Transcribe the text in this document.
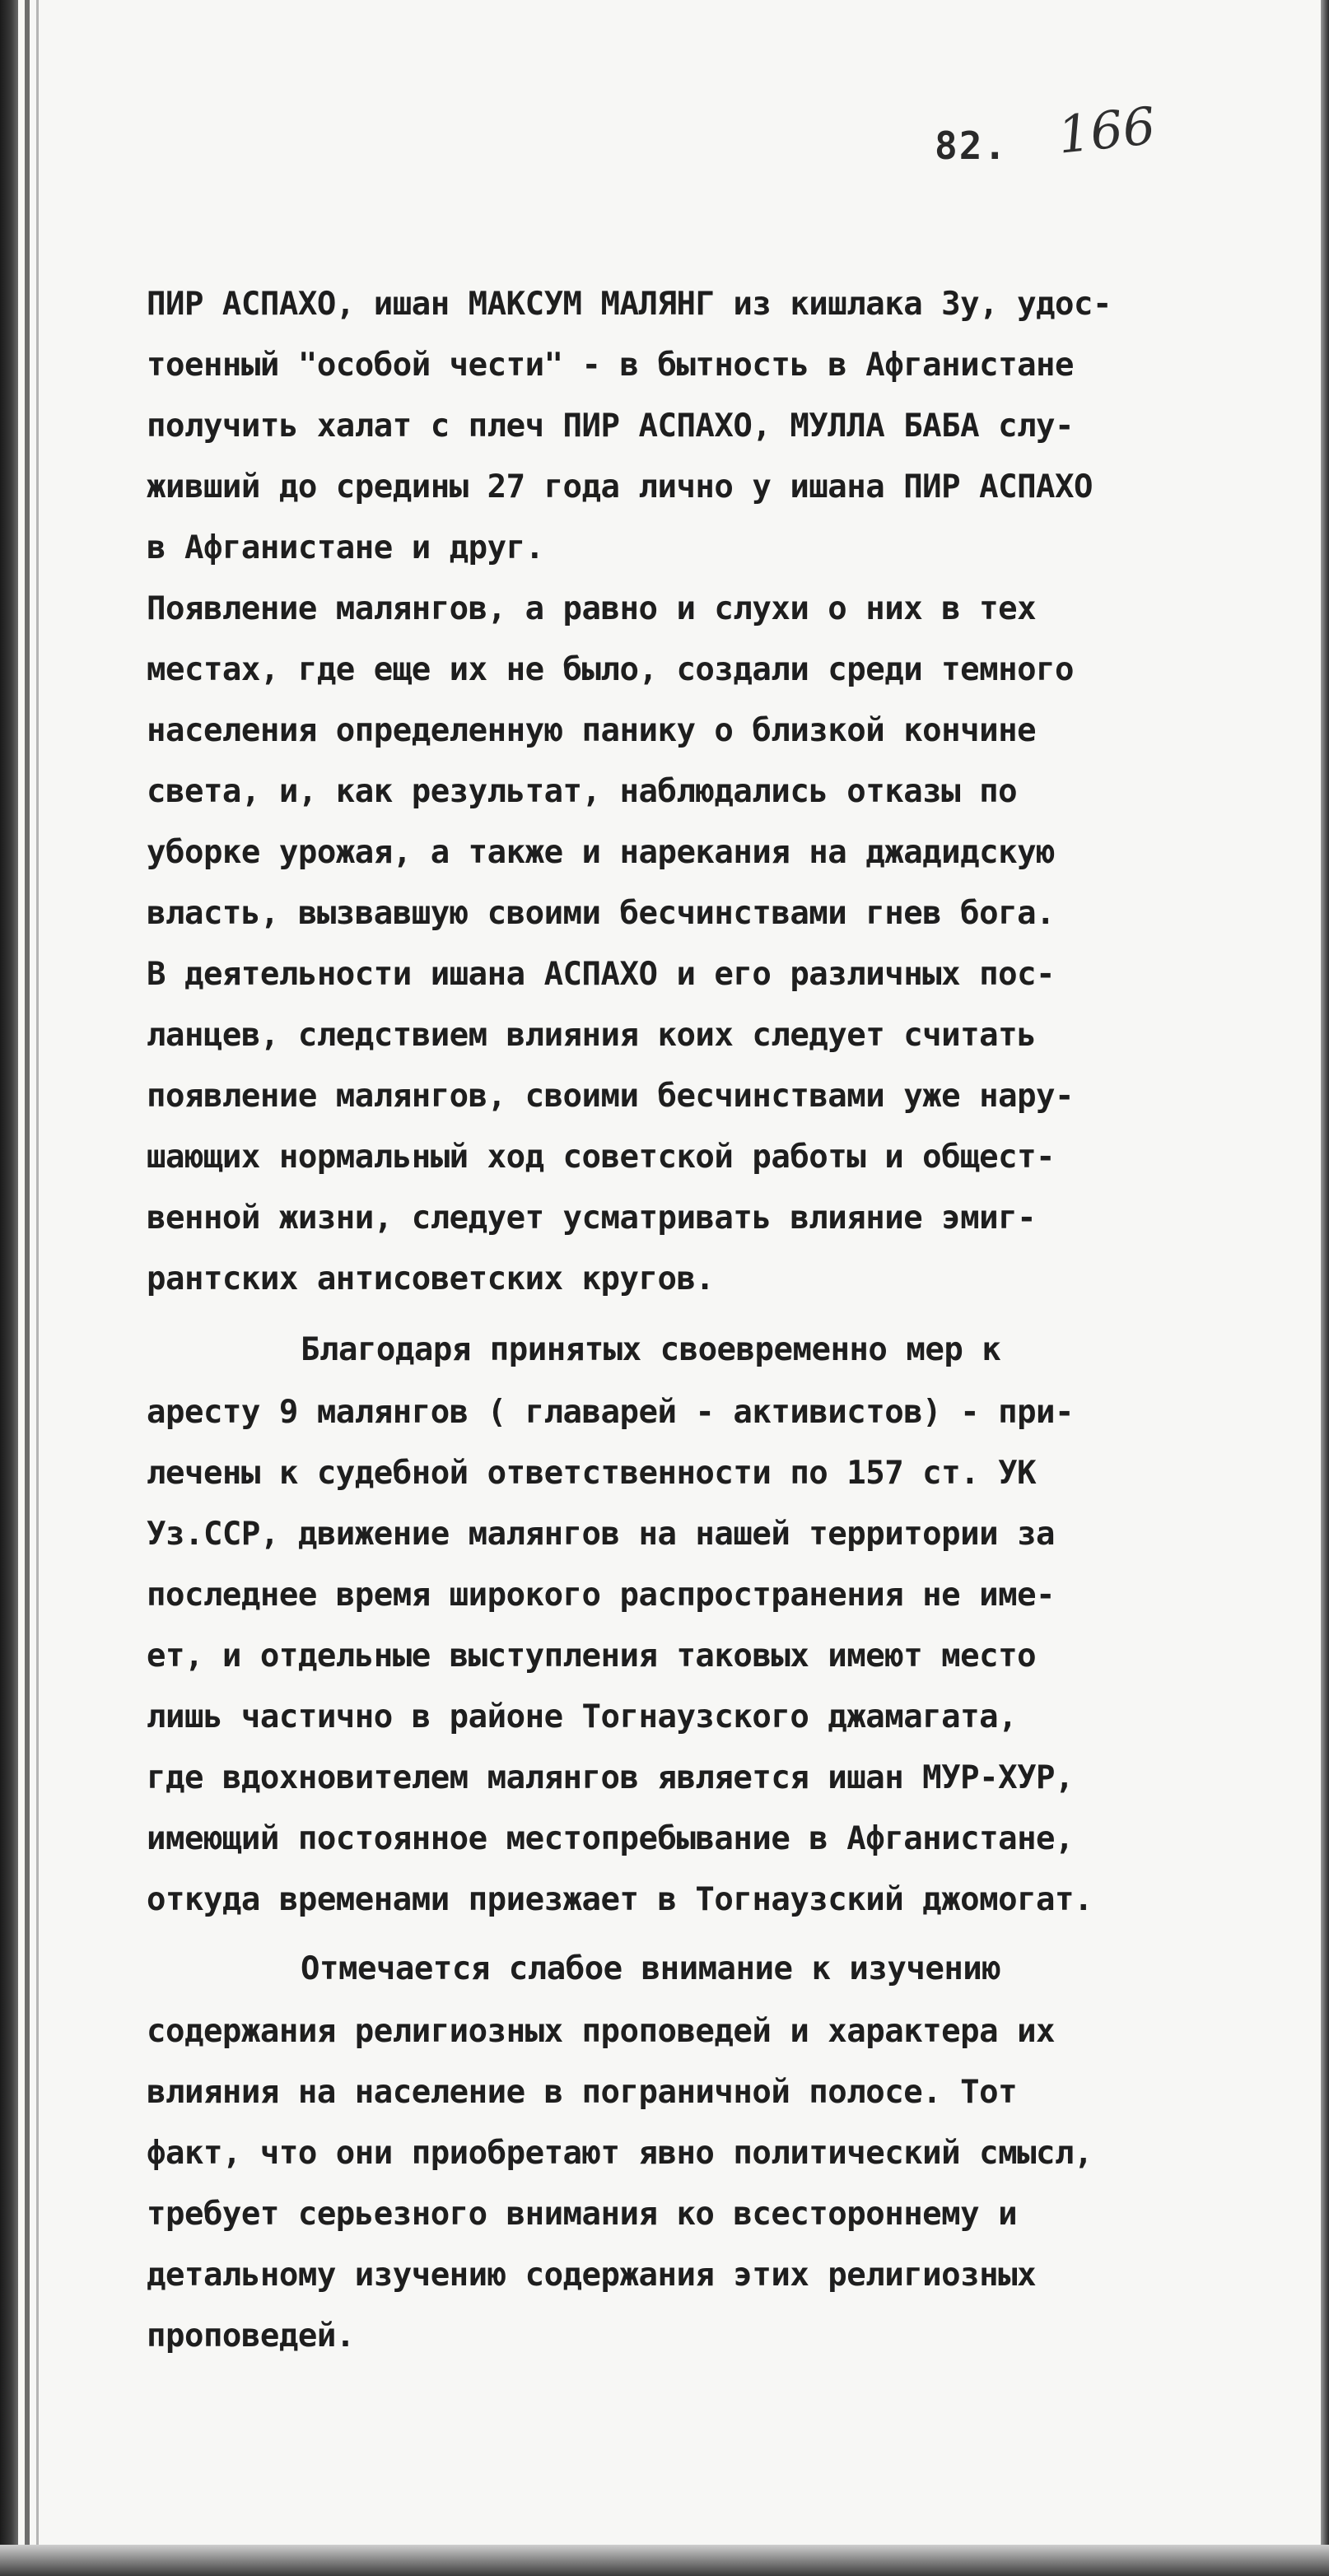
82. 166
ПИР АСПАХО, ишан МАКСУМ МАЛЯНГ из кишлака Зу, удос-
тоенный "особой чести" - в бытность в Афганистане
получить халат с плеч ПИР АСПАХО, МУЛЛА БАБА слу-
живший до средины 27 года лично у ишана ПИР АСПАХО
в Афганистане и друг.
Появление малянгов, а равно и слухи о них в тех
местах, где еще их не было, создали среди темного
населения определенную панику о близкой кончине
света, и, как результат, наблюдались отказы по
уборке урожая, а также и нарекания на джадидскую
власть, вызвавшую своими бесчинствами гнев бога.
В деятельности ишана АСПАХО и его различных пос-
ланцев, следствием влияния коих следует считать
появление малянгов, своими бесчинствами уже нару-
шающих нормальный ход советской работы и общест-
венной жизни, следует усматривать влияние эмиг-
рантских антисоветских кругов.
Благодаря принятых своевременно мер к
аресту 9 малянгов ( главарей - активистов) - при-
лечены к судебной ответственности по 157 ст. УК
Уз.ССР, движение малянгов на нашей территории за
последнее время широкого распространения не име-
ет, и отдельные выступления таковых имеют место
лишь частично в районе Тогнаузского джамагата,
где вдохновителем малянгов является ишан МУР-ХУР,
имеющий постоянное местопребывание в Афганистане,
откуда временами приезжает в Тогнаузский джомогат.
Отмечается слабое внимание к изучению
содержания религиозных проповедей и характера их
влияния на население в пограничной полосе. Тот
факт, что они приобретают явно политический смысл,
требует серьезного внимания ко всестороннему и
детальному изучению содержания этих религиозных
проповедей.
